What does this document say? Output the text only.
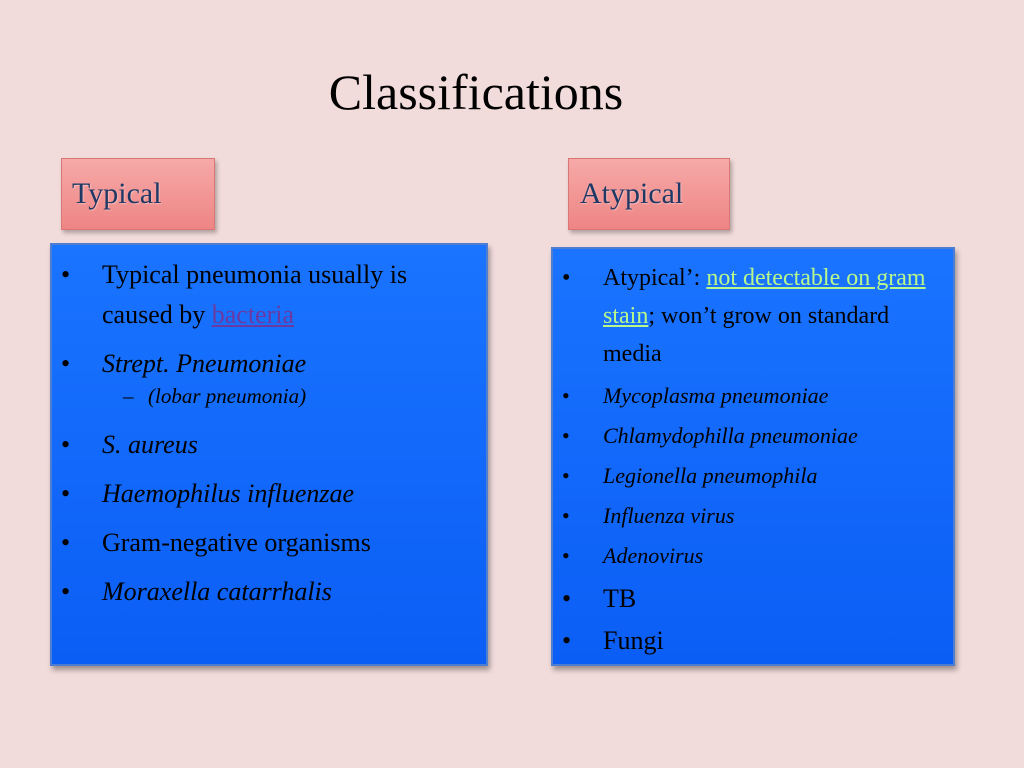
Classifications
Typical	Atypical
• Typical pneumonia usually is caused by bacteria
• Strept. Pneumoniae
– (lobar pneumonia)
• S. aureus
• Haemophilus influenzae
• Gram-negative organisms
• Moraxella catarrhalis
• Atypical’: not detectable on gram stain; won’t grow on standard media
• Mycoplasma pneumoniae
• Chlamydophilla pneumoniae
• Legionella pneumophila
• Influenza virus
• Adenovirus
• TB
• Fungi
